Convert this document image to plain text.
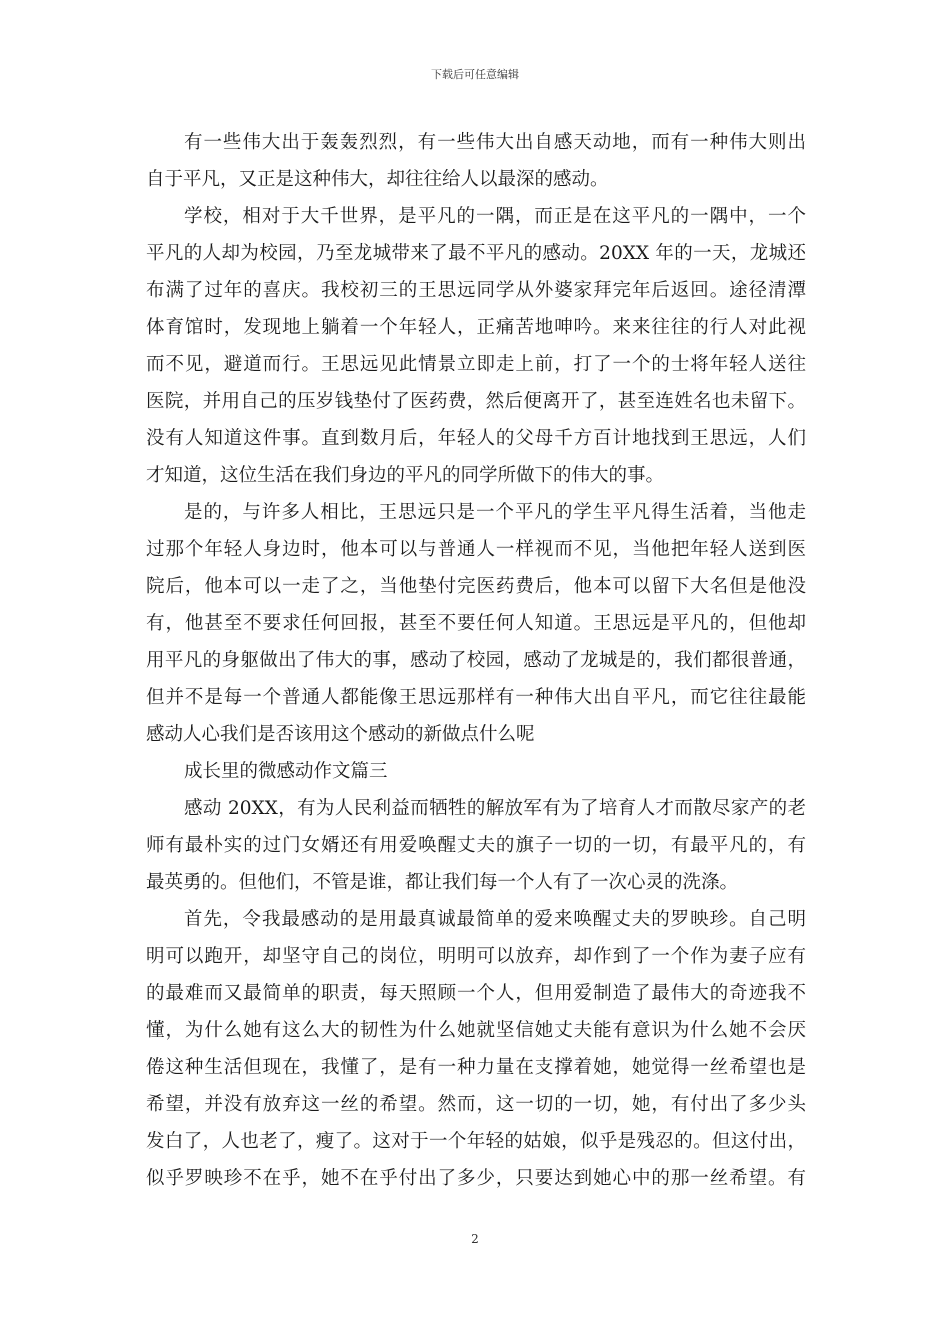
下载后可任意编辑
有一些伟大出于轰轰烈烈，有一些伟大出自感天动地，而有一种伟大则出
自于平凡，又正是这种伟大，却往往给人以最深的感动。
学校，相对于大千世界，是平凡的一隅，而正是在这平凡的一隅中，一个
平凡的人却为校园，乃至龙城带来了最不平凡的感动。20XX 年的一天，龙城还
布满了过年的喜庆。我校初三的王思远同学从外婆家拜完年后返回。途径清潭
体育馆时，发现地上躺着一个年轻人，正痛苦地呻吟。来来往往的行人对此视
而不见，避道而行。王思远见此情景立即走上前，打了一个的士将年轻人送往
医院，并用自己的压岁钱垫付了医药费，然后便离开了，甚至连姓名也未留下。
没有人知道这件事。直到数月后，年轻人的父母千方百计地找到王思远，人们
才知道，这位生活在我们身边的平凡的同学所做下的伟大的事。
是的，与许多人相比，王思远只是一个平凡的学生平凡得生活着，当他走
过那个年轻人身边时，他本可以与普通人一样视而不见，当他把年轻人送到医
院后，他本可以一走了之，当他垫付完医药费后，他本可以留下大名但是他没
有，他甚至不要求任何回报，甚至不要任何人知道。王思远是平凡的，但他却
用平凡的身躯做出了伟大的事，感动了校园，感动了龙城是的，我们都很普通，
但并不是每一个普通人都能像王思远那样有一种伟大出自平凡，而它往往最能
感动人心我们是否该用这个感动的新做点什么呢
成长里的微感动作文篇三
感动 20XX，有为人民利益而牺牲的解放军有为了培育人才而散尽家产的老
师有最朴实的过门女婿还有用爱唤醒丈夫的旗子一切的一切，有最平凡的，有
最英勇的。但他们，不管是谁，都让我们每一个人有了一次心灵的洗涤。
首先，令我最感动的是用最真诚最简单的爱来唤醒丈夫的罗映珍。自己明
明可以跑开，却坚守自己的岗位，明明可以放弃，却作到了一个作为妻子应有
的最难而又最简单的职责，每天照顾一个人，但用爱制造了最伟大的奇迹我不
懂，为什么她有这么大的韧性为什么她就坚信她丈夫能有意识为什么她不会厌
倦这种生活但现在，我懂了，是有一种力量在支撑着她，她觉得一丝希望也是
希望，并没有放弃这一丝的希望。然而，这一切的一切，她，有付出了多少头
发白了，人也老了，瘦了。这对于一个年轻的姑娘，似乎是残忍的。但这付出，
似乎罗映珍不在乎，她不在乎付出了多少，只要达到她心中的那一丝希望。有
2
